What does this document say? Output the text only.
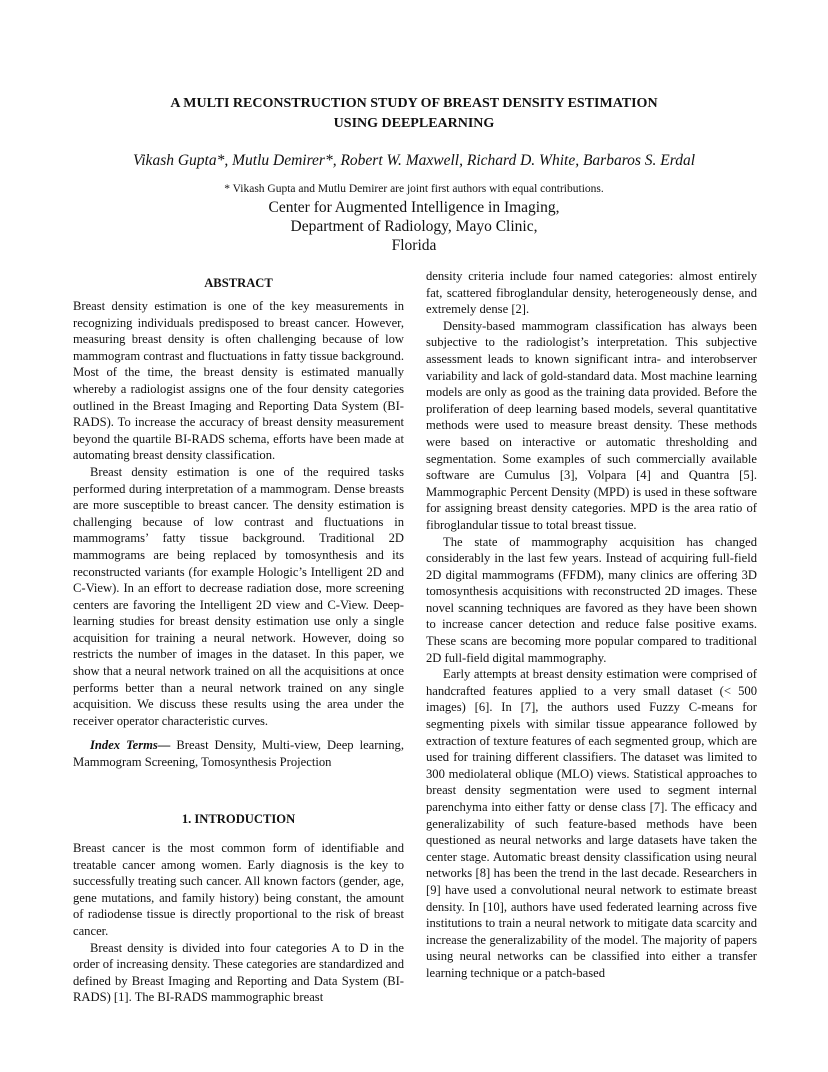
A MULTI RECONSTRUCTION STUDY OF BREAST DENSITY ESTIMATION
USING DEEPLEARNING
Vikash Gupta*, Mutlu Demirer*, Robert W. Maxwell, Richard D. White, Barbaros S. Erdal
* Vikash Gupta and Mutlu Demirer are joint first authors with equal contributions.
Center for Augmented Intelligence in Imaging,
Department of Radiology, Mayo Clinic,
Florida
ABSTRACT

Breast density estimation is one of the key measurements in recognizing individuals predisposed to breast cancer. However, measuring breast density is often challenging because of low mammogram contrast and fluctuations in fatty tissue background. Most of the time, the breast density is estimated manually whereby a radiologist assigns one of the four density categories outlined in the Breast Imaging and Reporting Data System (BI-RADS). To increase the accuracy of breast density measurement beyond the quartile BI-RADS schema, efforts have been made at automating breast density classification.

Breast density estimation is one of the required tasks performed during interpretation of a mammogram. Dense breasts are more susceptible to breast cancer. The density estimation is challenging because of low contrast and fluctuations in mammograms’ fatty tissue background. Traditional 2D mammograms are being replaced by tomosynthesis and its reconstructed variants (for example Hologic’s Intelligent 2D and C-View). In an effort to decrease radiation dose, more screening centers are favoring the Intelligent 2D view and C-View. Deep-learning studies for breast density estimation use only a single acquisition for training a neural network. However, doing so restricts the number of images in the dataset. In this paper, we show that a neural network trained on all the acquisitions at once performs better than a neural network trained on any single acquisition. We discuss these results using the area under the receiver operator characteristic curves.

Index Terms— Breast Density, Multi-view, Deep learning, Mammogram Screening, Tomosynthesis Projection

1. INTRODUCTION

Breast cancer is the most common form of identifiable and treatable cancer among women. Early diagnosis is the key to successfully treating such cancer. All known factors (gender, age, gene mutations, and family history) being constant, the amount of radiodense tissue is directly proportional to the risk of breast cancer.

Breast density is divided into four categories A to D in the order of increasing density. These categories are standardized and defined by Breast Imaging and Reporting and Data System (BI-RADS) [1]. The BI-RADS mammographic breast

density criteria include four named categories: almost entirely fat, scattered fibroglandular density, heterogeneously dense, and extremely dense [2].

Density-based mammogram classification has always been subjective to the radiologist’s interpretation. This subjective assessment leads to known significant intra- and interobserver variability and lack of gold-standard data. Most machine learning models are only as good as the training data provided. Before the proliferation of deep learning based models, several quantitative methods were used to measure breast density. These methods were based on interactive or automatic thresholding and segmentation. Some examples of such commercially available software are Cumulus [3], Volpara [4] and Quantra [5]. Mammographic Percent Density (MPD) is used in these software for assigning breast density categories. MPD is the area ratio of fibroglandular tissue to total breast tissue.

The state of mammography acquisition has changed considerably in the last few years. Instead of acquiring full-field 2D digital mammograms (FFDM), many clinics are offering 3D tomosynthesis acquisitions with reconstructed 2D images. These novel scanning techniques are favored as they have been shown to increase cancer detection and reduce false positive exams. These scans are becoming more popular compared to traditional 2D full-field digital mammography.

Early attempts at breast density estimation were comprised of handcrafted features applied to a very small dataset (< 500 images) [6]. In [7], the authors used Fuzzy C-means for segmenting pixels with similar tissue appearance followed by extraction of texture features of each segmented group, which are used for training different classifiers. The dataset was limited to 300 mediolateral oblique (MLO) views. Statistical approaches to breast density segmentation were used to segment internal parenchyma into either fatty or dense class [7]. The efficacy and generalizability of such feature-based methods have been questioned as neural networks and large datasets have taken the center stage. Automatic breast density classification using neural networks [8] has been the trend in the last decade. Researchers in [9] have used a convolutional neural network to estimate breast density. In [10], authors have used federated learning across five institutions to train a neural network to mitigate data scarcity and increase the generalizability of the model. The majority of papers using neural networks can be classified into either a transfer learning technique or a patch-based
